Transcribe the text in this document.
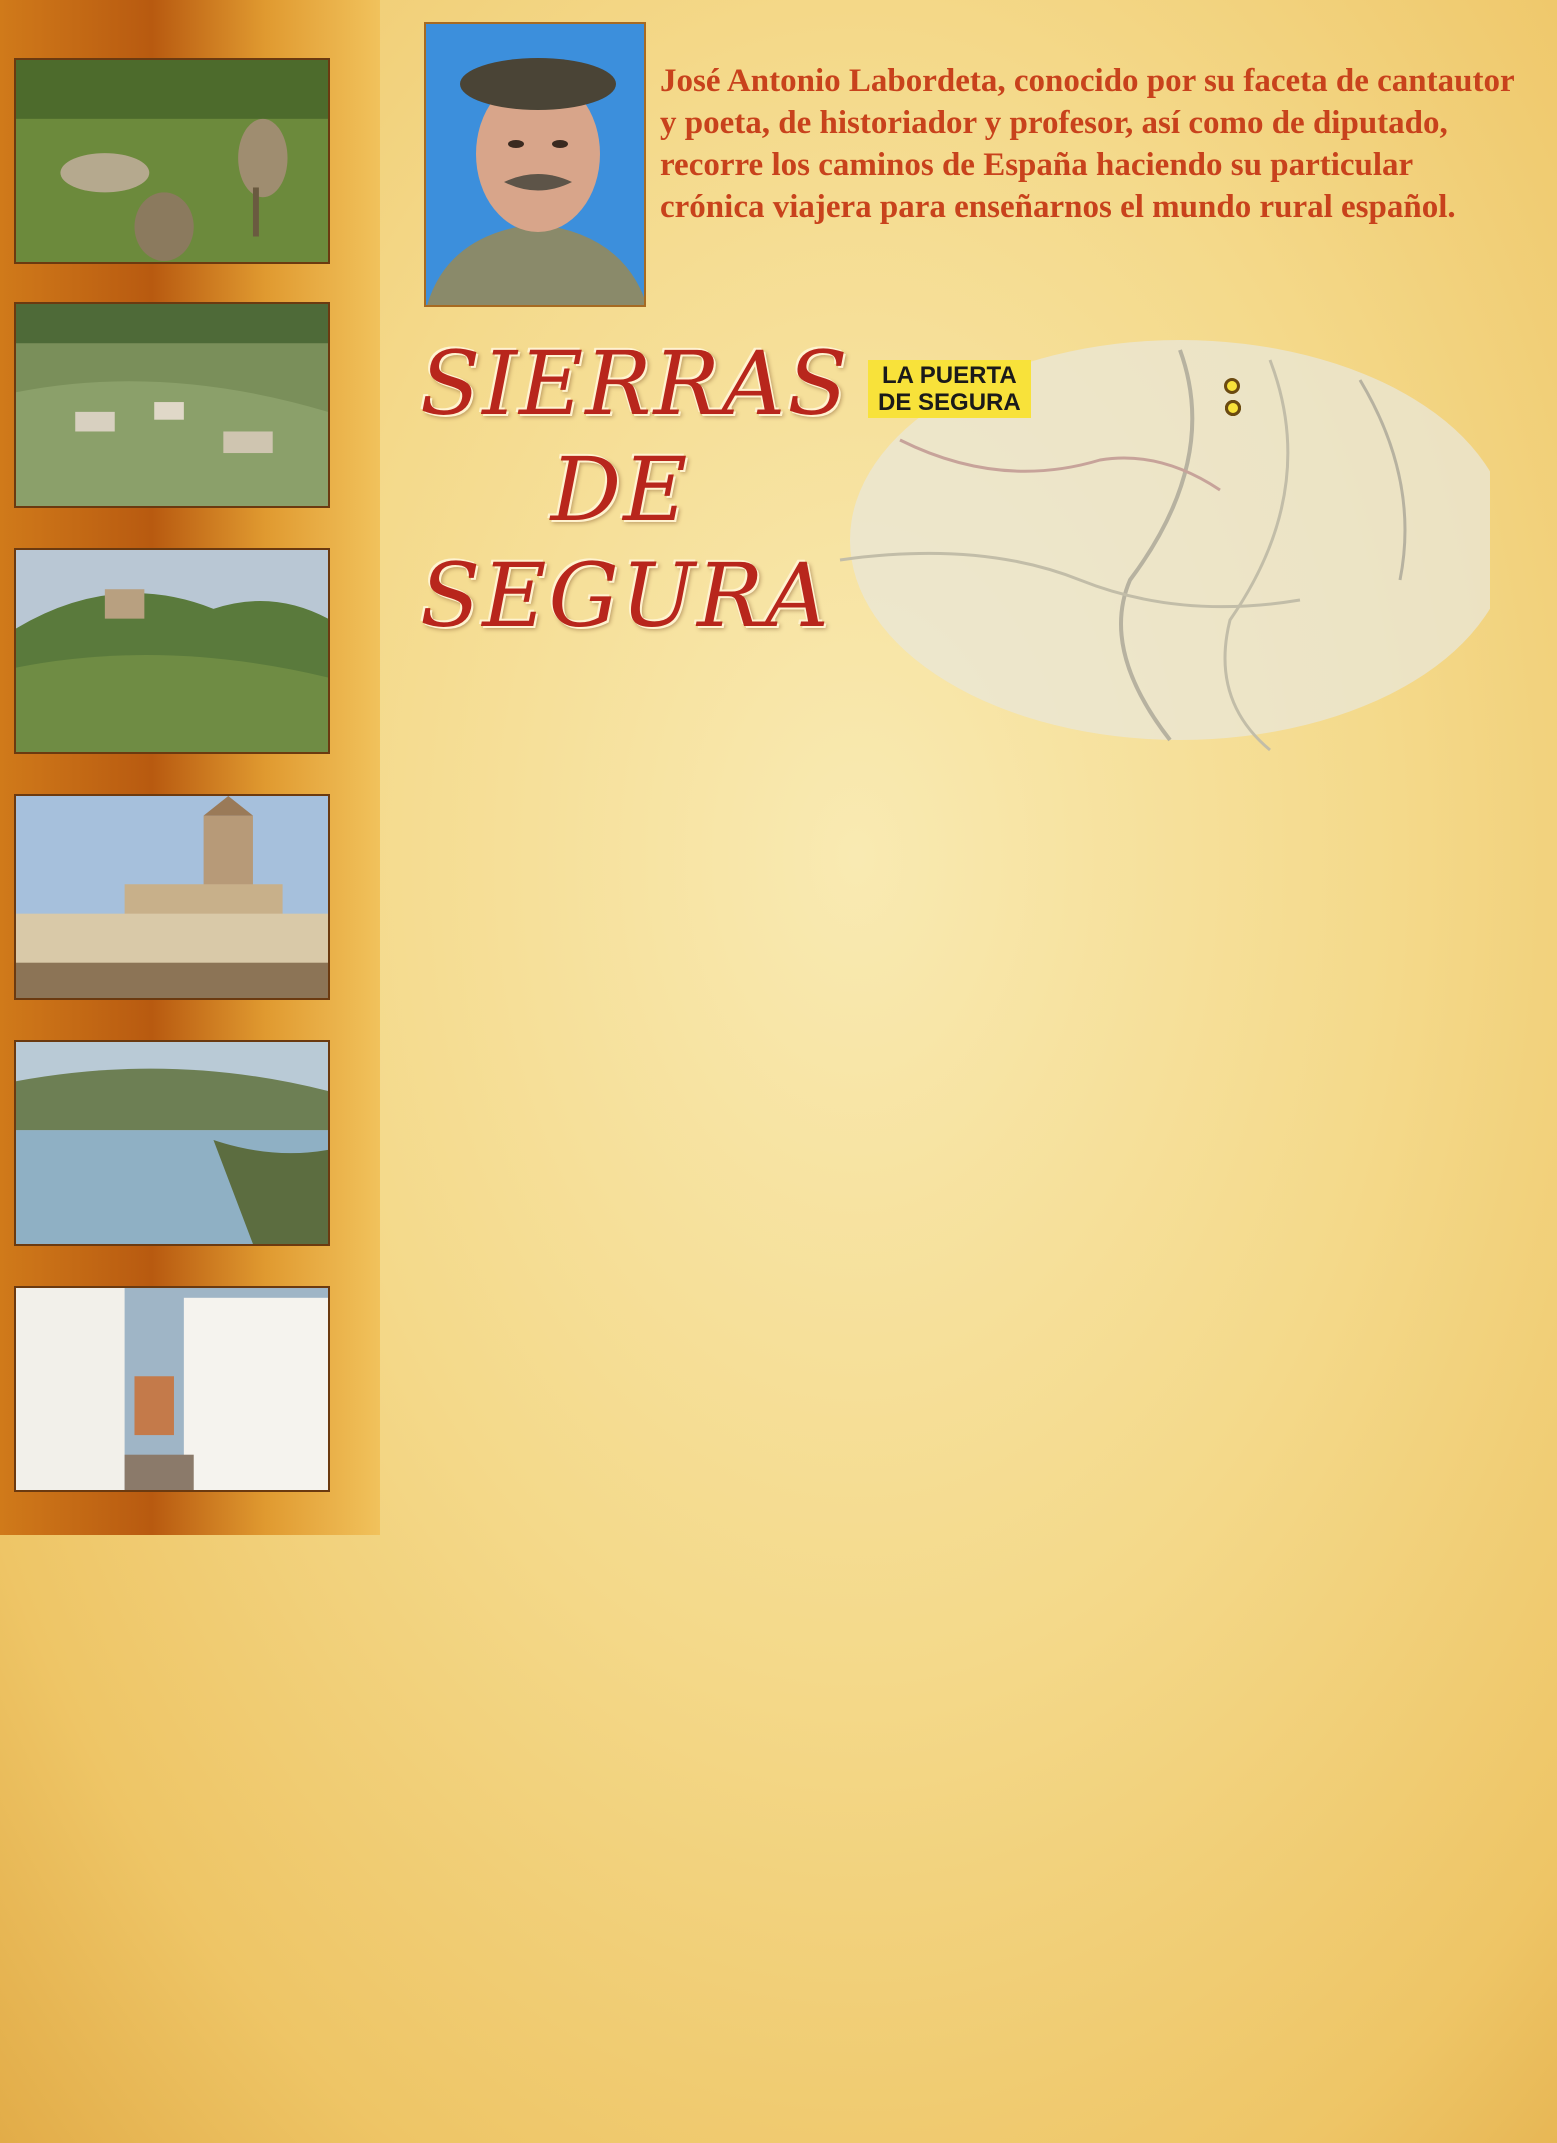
José Antonio Labordeta, conocido por su faceta de cantautor y poeta, de historiador y profesor, así como de diputado, recorre los caminos de España haciendo su particular crónica viajera para enseñarnos el mundo rural español.
SIERRAS
DE
SEGURA
LA PUERTA
DE SEGURA
